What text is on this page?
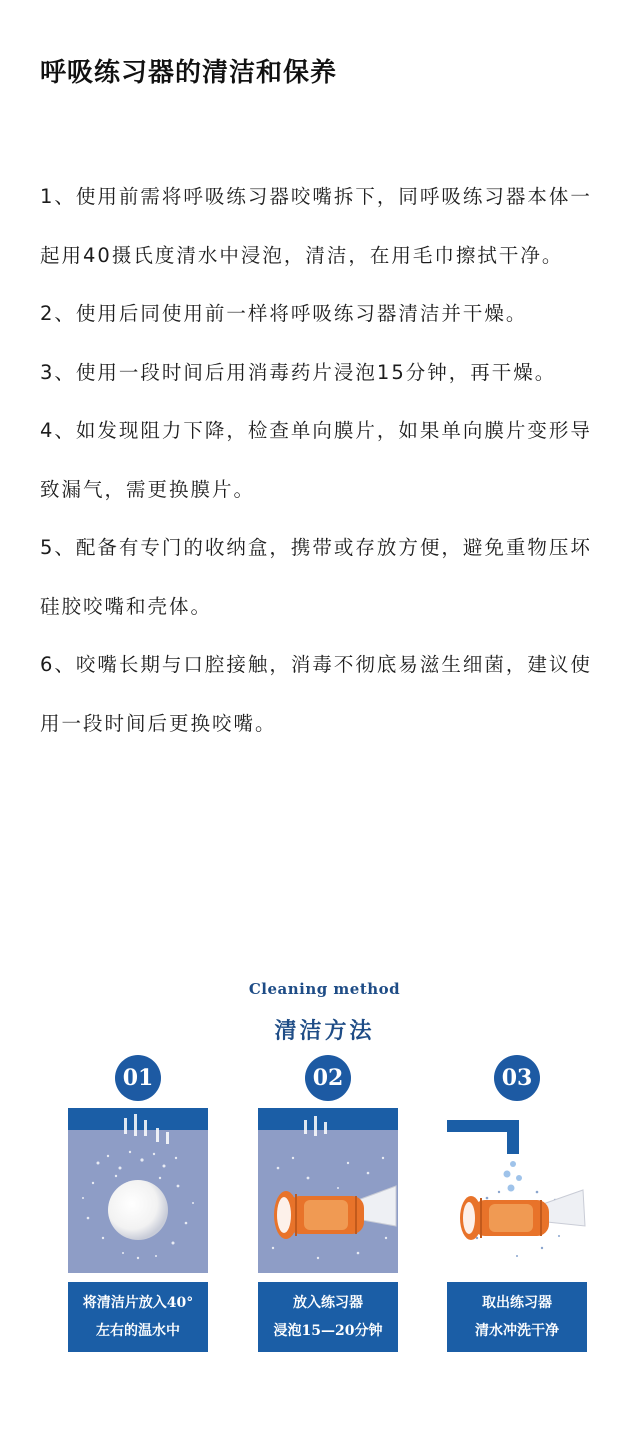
呼吸练习器的清洁和保养

1、使用前需将呼吸练习器咬嘴拆下，同呼吸练习器本体一起用40摄氏度清水中浸泡，清洁，在用毛巾擦拭干净。

2、使用后同使用前一样将呼吸练习器清洁并干燥。

3、使用一段时间后用消毒药片浸泡15分钟，再干燥。

4、如发现阻力下降，检查单向膜片，如果单向膜片变形导致漏气，需更换膜片。

5、配备有专门的收纳盒，携带或存放方便，避免重物压坏硅胶咬嘴和壳体。

6、咬嘴长期与口腔接触，消毒不彻底易滋生细菌，建议使用一段时间后更换咬嘴。

Cleaning method
清洁方法
01
将清洁片放入40°
左右的温水中
02
放入练习器
浸泡15—20分钟
03
取出练习器
清水冲洗干净
